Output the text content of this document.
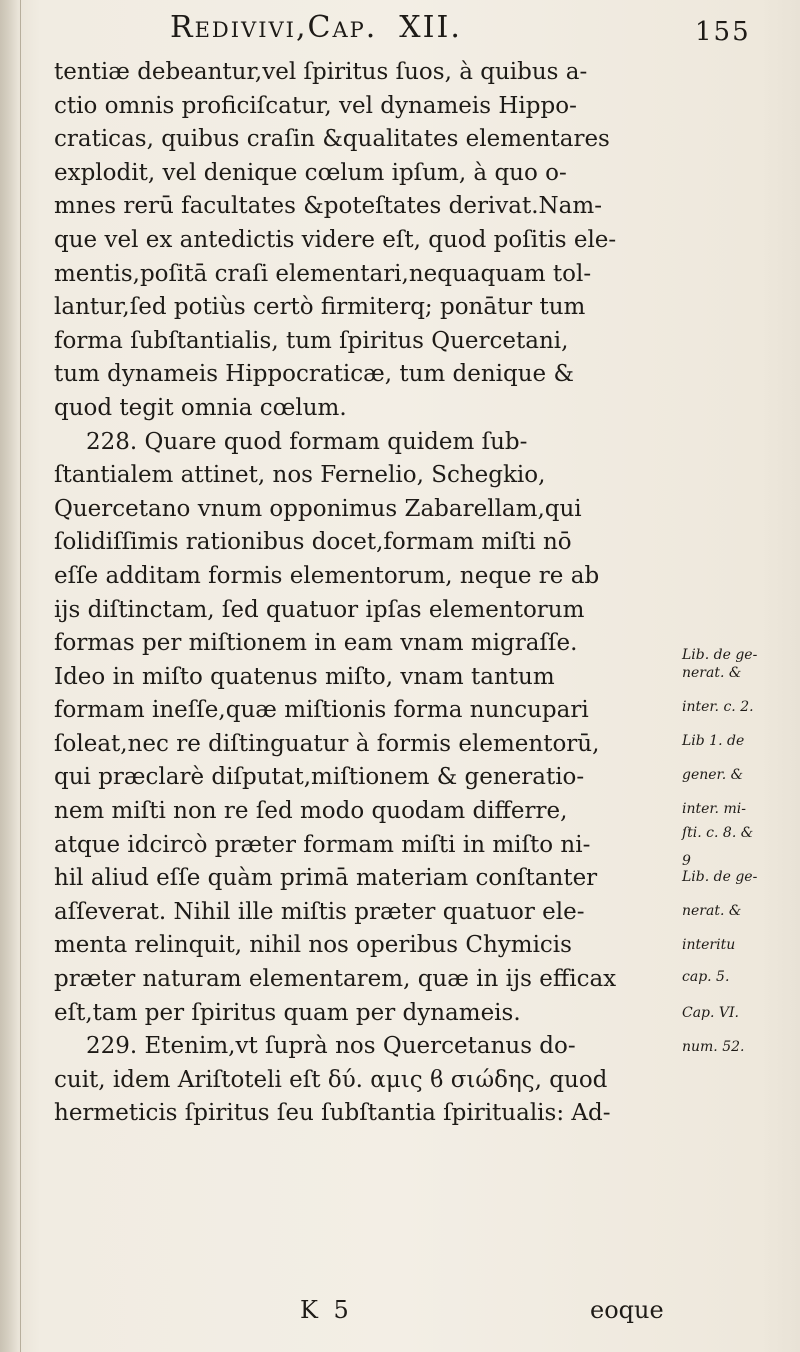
Redivivi,Cap. XII.	155
tentiæ debeantur,vel ſpiritus ſuos, à quibus a-
ctio omnis proficiſcatur, vel dynameis Hippo-
craticas, quibus craſin &qualitates elementares
explodit, vel denique cœlum ipſum, à quo o-
mnes rerū facultates &poteſtates derivat.Nam-
que vel ex antedictis videre eſt, quod poſitis ele-
mentis,poſitā craſi elementari,nequaquam tol-
lantur,ſed potiùs certò firmiterq; ponātur tum
forma ſubſtantialis, tum ſpiritus Quercetani,
tum dynameis Hippocraticæ, tum denique &
quod tegit omnia cœlum.
228. Quare quod formam quidem ſub-
ſtantialem attinet, nos Fernelio, Schegkio,
Quercetano vnum opponimus Zabarellam,qui
ſolidiſſimis rationibus docet,formam miſti nō
eſſe additam formis elementorum, neque re ab
ijs diſtinctam, ſed quatuor ipſas elementorum
formas per miſtionem in eam vnam migraſſe.
Ideo in miſto quatenus miſto, vnam tantum
formam ineſſe,quæ miſtionis forma nuncupari
ſoleat,nec re diſtinguatur à formis elementorū,
qui præclarè diſputat,miſtionem & generatio-
nem miſti non re ſed modo quodam differre,
atque idcircò præter formam miſti in miſto ni-
hil aliud eſſe quàm primā materiam conſtanter
aſſeverat. Nihil ille miſtis præter quatuor ele-
menta relinquit, nihil nos operibus Chymicis
præter naturam elementarem, quæ in ijs efficax
eſt,tam per ſpiritus quam per dynameis.
229. Etenim,vt ſuprà nos Quercetanus do-
cuit, idem Ariſtoteli eſt δύ. αμις ϐ σιώδης, quod
hermeticis ſpiritus ſeu ſubſtantia ſpiritualis: Ad-
Lib. de ge-
nerat. &
inter. c. 2.
Lib 1. de
gener. &
inter. mi-
ſti. c. 8. &
9
Lib. de ge-
nerat. &
interitu
cap. 5.
Cap. VI.
num. 52.
K 5	eoque
